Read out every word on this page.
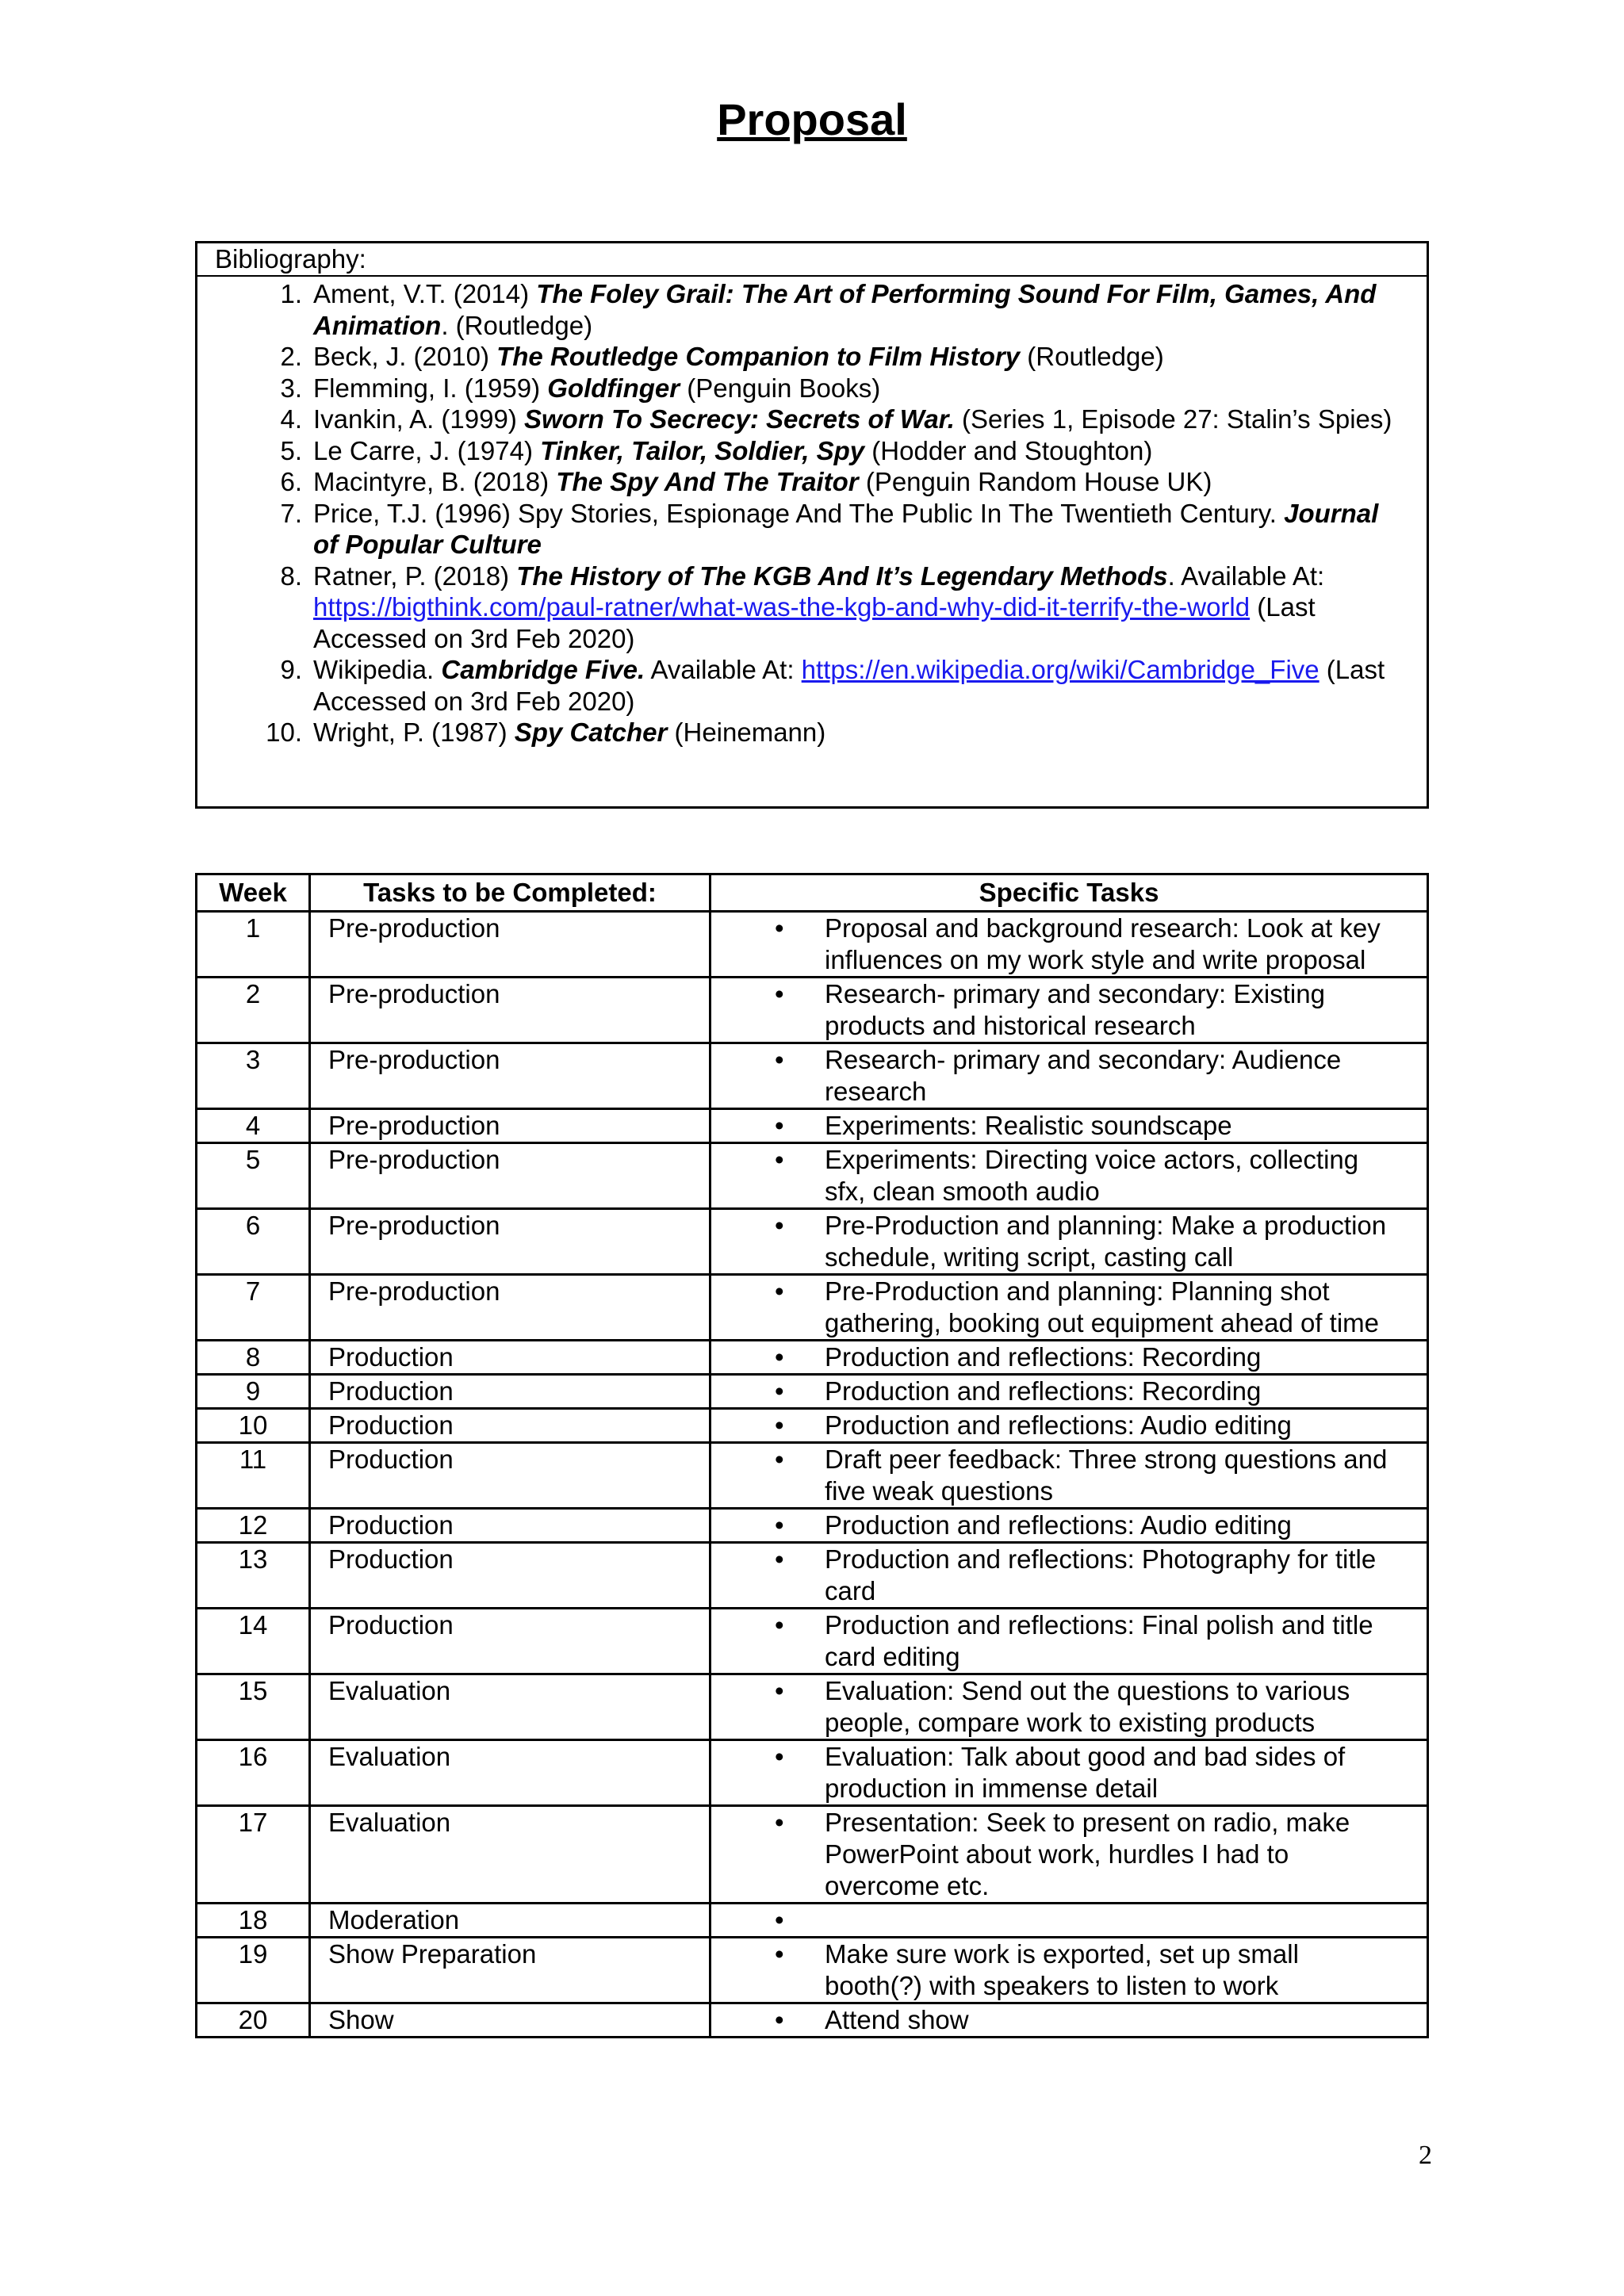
Proposal
Bibliography:
1. Ament, V.T. (2014) The Foley Grail: The Art of Performing Sound For Film, Games, And Animation. (Routledge)
2. Beck, J. (2010) The Routledge Companion to Film History (Routledge)
3. Flemming, I. (1959) Goldfinger (Penguin Books)
4. Ivankin, A. (1999) Sworn To Secrecy: Secrets of War. (Series 1, Episode 27: Stalin’s Spies)
5. Le Carre, J. (1974) Tinker, Tailor, Soldier, Spy (Hodder and Stoughton)
6. Macintyre, B. (2018) The Spy And The Traitor (Penguin Random House UK)
7. Price, T.J. (1996) Spy Stories, Espionage And The Public In The Twentieth Century. Journal of Popular Culture
8. Ratner, P. (2018) The History of The KGB And It’s Legendary Methods. Available At: https://bigthink.com/paul-ratner/what-was-the-kgb-and-why-did-it-terrify-the-world (Last Accessed on 3rd Feb 2020)
9. Wikipedia. Cambridge Five. Available At: https://en.wikipedia.org/wiki/Cambridge_Five (Last Accessed on 3rd Feb 2020)
10. Wright, P. (1987) Spy Catcher (Heinemann)
Week	Tasks to be Completed:	Specific Tasks
1	Pre-production	• Proposal and background research: Look at key influences on my work style and write proposal
2	Pre-production	• Research- primary and secondary: Existing products and historical research
3	Pre-production	• Research- primary and secondary: Audience research
4	Pre-production	• Experiments: Realistic soundscape
5	Pre-production	• Experiments: Directing voice actors, collecting sfx, clean smooth audio
6	Pre-production	• Pre-Production and planning: Make a production schedule, writing script, casting call
7	Pre-production	• Pre-Production and planning: Planning shot gathering, booking out equipment ahead of time
8	Production	• Production and reflections: Recording
9	Production	• Production and reflections: Recording
10	Production	• Production and reflections: Audio editing
11	Production	• Draft peer feedback: Three strong questions and five weak questions
12	Production	• Production and reflections: Audio editing
13	Production	• Production and reflections: Photography for title card
14	Production	• Production and reflections: Final polish and title card editing
15	Evaluation	• Evaluation: Send out the questions to various people, compare work to existing products
16	Evaluation	• Evaluation: Talk about good and bad sides of production in immense detail
17	Evaluation	• Presentation: Seek to present on radio, make PowerPoint about work, hurdles I had to overcome etc.
18	Moderation	•

19	Show Preparation	• Make sure work is exported, set up small booth(?) with speakers to listen to work
20	Show	• Attend show
2
